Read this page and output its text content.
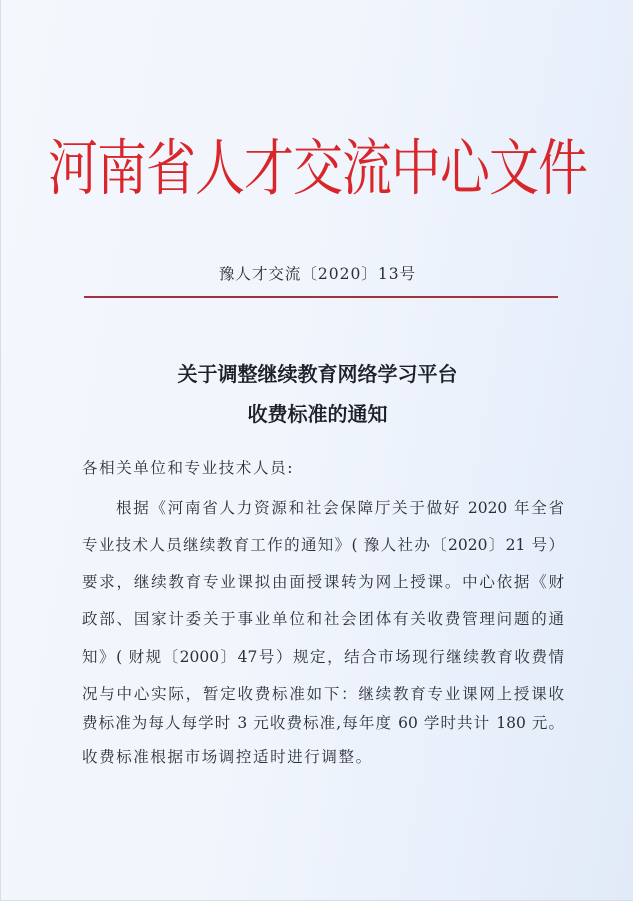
河南省人才交流中心文件
豫人才交流〔2020〕13号
关于调整继续教育网络学习平台
收费标准的通知
各相关单位和专业技术人员:
根据《河南省人力资源和社会保障厅关于做好 2020 年全省
专业技术人员继续教育工作的通知》( 豫人社办〔2020〕21 号）
要求，继续教育专业课拟由面授课转为网上授课。中心依据《财
政部、国家计委关于事业单位和社会团体有关收费管理问题的通
知》( 财规〔2000〕47号）规定，结合市场现行继续教育收费情
况与中心实际，暂定收费标准如下：继续教育专业课网上授课收
费标准为每人每学时 3 元收费标准,每年度 60 学时共计 180 元。
收费标准根据市场调控适时进行调整。
